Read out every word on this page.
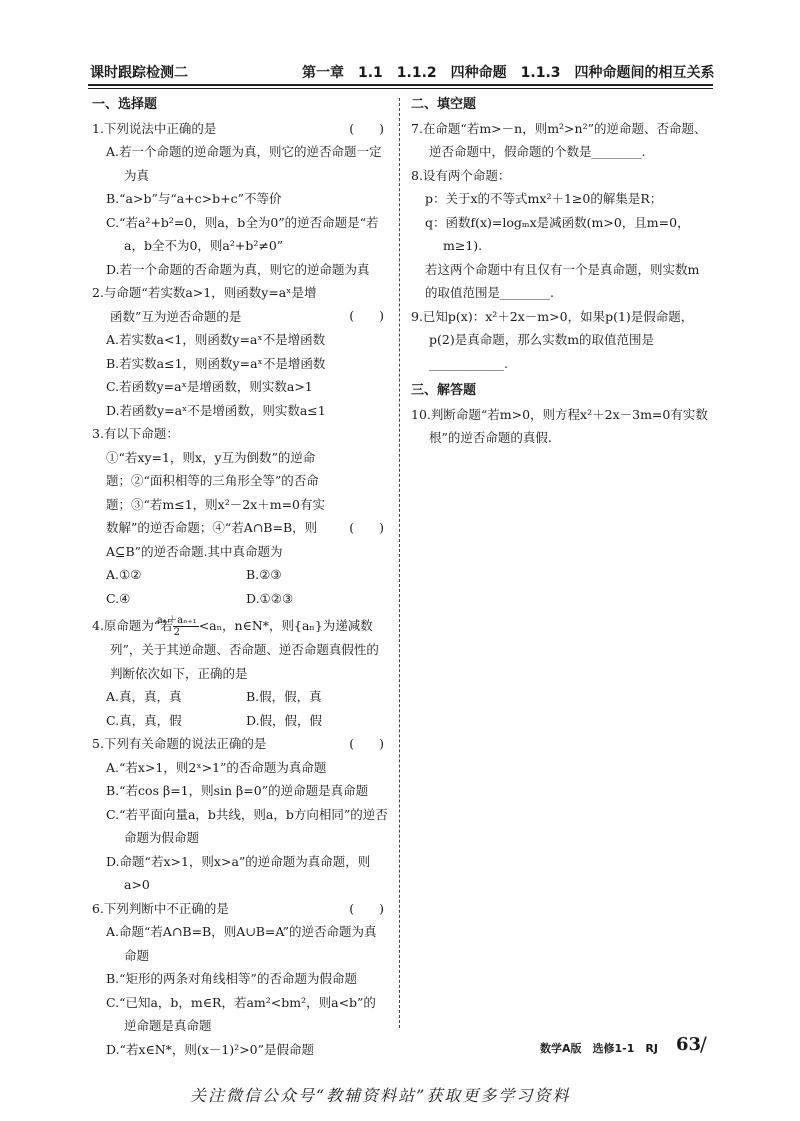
课时跟踪检测二	第一章　1.1　1.1.2　四种命题　1.1.3　四种命题间的相互关系
一、选择题
1.下列说法中正确的是	(　　)
A.若一个命题的逆命题为真，则它的逆否命题一定为真
B.“a>b”与“a+c>b+c”不等价
C.“若a²+b²=0，则a，b全为0”的逆否命题是“若a，b全不为0，则a²+b²≠0”
D.若一个命题的否命题为真，则它的逆命题为真
2.与命题“若实数a>1，则函数y=aˣ是增函数”互为逆否命题的是	(　　)
A.若实数a<1，则函数y=aˣ不是增函数
B.若实数a≤1，则函数y=aˣ不是增函数
C.若函数y=aˣ是增函数，则实数a>1
D.若函数y=aˣ不是增函数，则实数a≤1
3.有以下命题：
①“若xy=1，则x，y互为倒数”的逆命题；②“面积相等的三角形全等”的否命题；③“若m≤1，则x²－2x＋m=0有实数解”的逆否命题；④“若A∩B=B，则A⊆B”的逆否命题.其中真命题为
(　　)
A.①②	B.②③
C.④	D.①②③
4.原命题为“若 $\frac{\text{aₙ＋aₙ₊₁}}{2} <a_n$，n∈N*，则{aₙ}为递减数列”，关于其逆命题、否命题、逆否命题真假性的判断依次如下，正确的是
A.真，真，真	B.假，假，真
C.真，真，假	D.假，假，假
5.下列有关命题的说法正确的是	(　　)
A.“若x>1，则2ˣ>1”的否命题为真命题
B.“若cos β=1，则sin β=0”的逆命题是真命题
C.“若平面向量a，b共线，则a，b方向相同”的逆否命题为假命题
D.命题“若x>1，则x>a”的逆命题为真命题，则a>0
6.下列判断中不正确的是	(　　)
A.命题“若A∩B=B，则A∪B=A”的逆否命题为真命题
B.“矩形的两条对角线相等”的否命题为假命题
C.“已知a，b，m∈R，若am²<bm²，则a<b”的逆命题是真命题
D.“若x∈N*，则(x－1)²>0”是假命题
二、填空题
7.在命题“若m>－n，则m²>n²”的逆命题、否命题、逆否命题中，假命题的个数是________.
8.设有两个命题：
p：关于x的不等式mx²＋1≥0的解集是R；
q：函数f(x)=logₘx是减函数(m>0，且m=0，m≥1).
若这两个命题中有且仅有一个是真命题，则实数m的取值范围是________.
9.已知p(x)：x²＋2x－m>0，如果p(1)是假命题，p(2)是真命题，那么实数m的取值范围是____________.
三、解答题
10.判断命题“若m>0，则方程x²＋2x－3m=0有实数根”的逆否命题的真假.
数学A版　选修1-1　RJ 63
/
关注微信公众号“教辅资料站”获取更多学习资料
